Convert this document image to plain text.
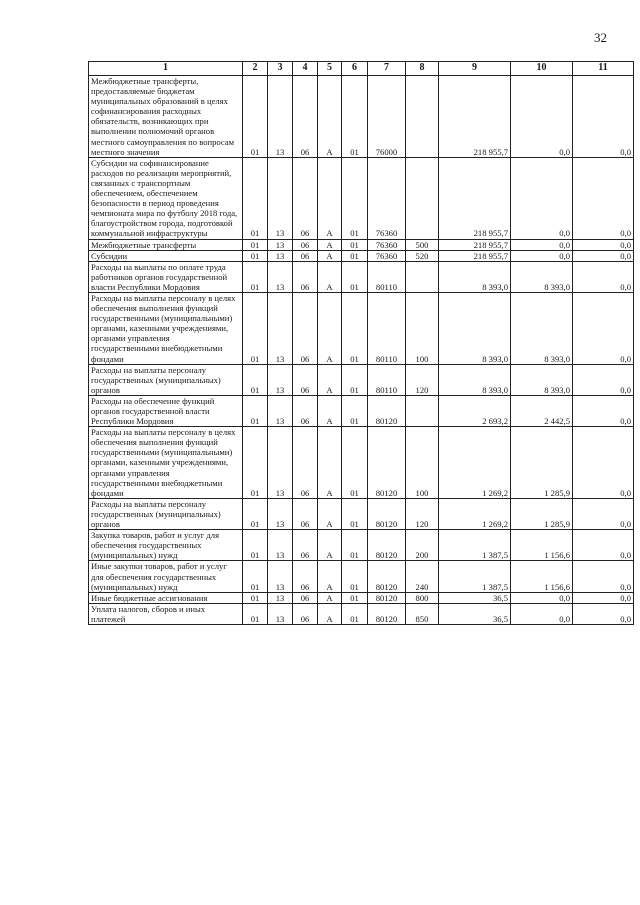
32
1	2	3	4	5	6	7	8	9	10	11
Межбюджетные трансферты, предоставляемые бюджетам муниципальных образований в целях софинансирования расходных обязательств, возникающих при выполнении полномочий органов местного самоуправления по вопросам местного значения	01	13	06	А	01	76000		218 955,7	0,0	0,0
Субсидии на софинансирование расходов по реализации мероприятий, связанных с транспортным обеспечением, обеспечением безопасности в период проведения чемпионата мира по футболу 2018 года, благоустройством города, подготовкой коммунальной инфраструктуры	01	13	06	А	01	76360		218 955,7	0,0	0,0
Межбюджетные трансферты	01	13	06	А	01	76360	500	218 955,7	0,0	0,0
Субсидии	01	13	06	А	01	76360	520	218 955,7	0,0	0,0
Расходы на выплаты по оплате труда работников органов государственной власти Республики Мордовия	01	13	06	А	01	80110		8 393,0	8 393,0	0,0
Расходы на выплаты персоналу в целях обеспечения выполнения функций государственными (муниципальными) органами, казенными учреждениями, органами управления государственными внебюджетными фондами	01	13	06	А	01	80110	100	8 393,0	8 393,0	0,0
Расходы на выплаты персоналу государственных (муниципальных) органов	01	13	06	А	01	80110	120	8 393,0	8 393,0	0,0
Расходы на обеспечение функций органов государственной власти Республики Мордовия	01	13	06	А	01	80120		2 693,2	2 442,5	0,0
Расходы на выплаты персоналу в целях обеспечения выполнения функций государственными (муниципальными) органами, казенными учреждениями, органами управления государственными внебюджетными фондами	01	13	06	А	01	80120	100	1 269,2	1 285,9	0,0
Расходы на выплаты персоналу государственных (муниципальных) органов	01	13	06	А	01	80120	120	1 269,2	1 285,9	0,0
Закупка товаров, работ и услуг для обеспечения государственных (муниципальных) нужд	01	13	06	А	01	80120	200	1 387,5	1 156,6	0,0
Иные закупки товаров, работ и услуг для обеспечения государственных (муниципальных) нужд	01	13	06	А	01	80120	240	1 387,5	1 156,6	0,0
Иные бюджетные ассигнования	01	13	06	А	01	80120	800	36,5	0,0	0,0
Уплата налогов, сборов и иных платежей	01	13	06	А	01	80120	850	36,5	0,0	0,0
